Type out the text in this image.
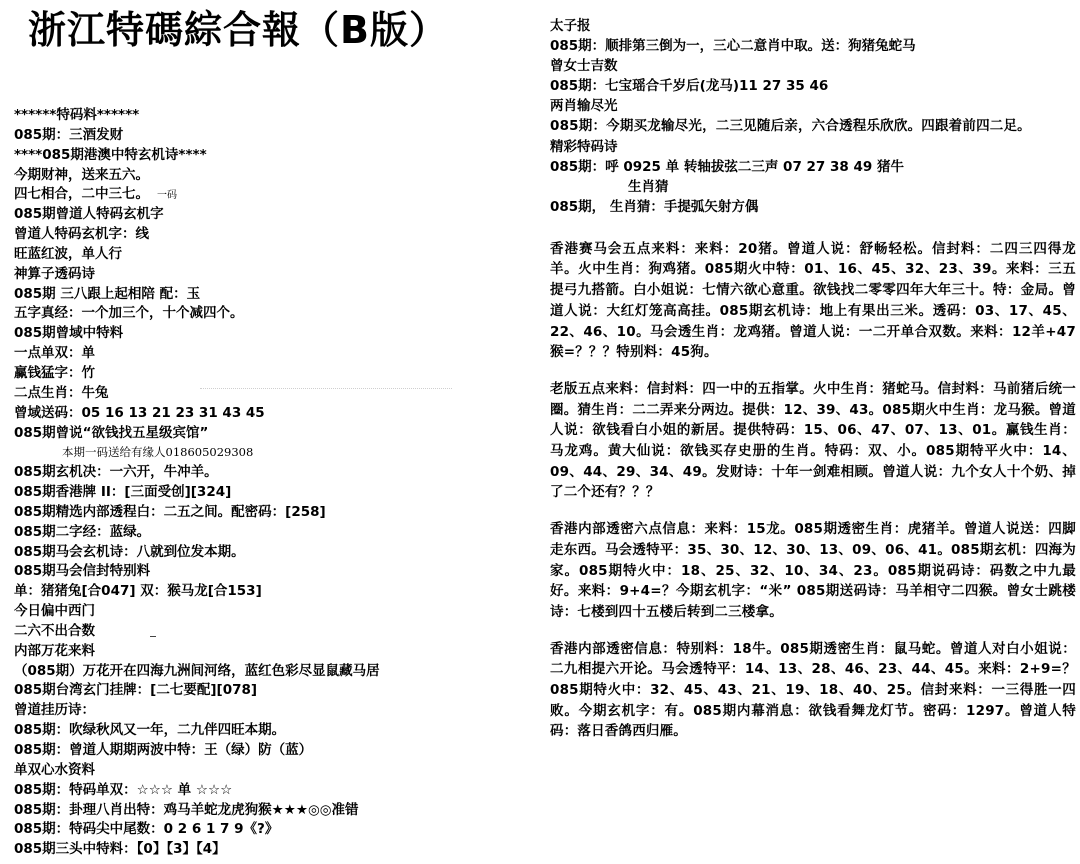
浙江特碼綜合報（B版）
******特码料******
085期：三酒发财
****085期港澳中特玄机诗****
今期财神，送来五六。
四七相合，二中三七。 一码
085期曾道人特码玄机字
曾道人特码玄机字：线
旺蓝红波，单人行
神算子透码诗
085期 三八跟上起相陪 配：玉
五字真经：一个加三个，十个减四个。
085期曾域中特料
一点单双：单
赢钱猛字：竹
二点生肖：牛兔
曾域送码：05 16 13 21 23 31 43 45
085期曾说“欲钱找五星级宾馆”
本期一码送给有缘人018605029308
085期玄机决：一六开，牛冲羊。
085期香港牌 II：[三面受创][324]
085期精选内部透程白：二五之间。配密码：[258]
085期二字经：蓝绿。
085期马会玄机诗：八就到位发本期。
085期马会信封特别料
单：猪猪兔[合047] 双：猴马龙[合153]
今日偏中西门
二六不出合数
内部万花来料
（085期）万花开在四海九洲间河络，蓝红色彩尽显鼠藏马居
085期台湾玄门挂牌：[二七要配][078]
曾道挂历诗：
085期：吹绿秋风又一年，二九伴四旺本期。
085期：曾道人期期两波中特：王（绿）防（蓝）
单双心水资料
085期：特码单双：☆☆☆ 单 ☆☆☆
085期：卦理八肖出特：鸡马羊蛇龙虎狗猴★★★◎◎准错
085期：特码尖中尾数：0 2 6 1 7 9《?》
085期三头中特料：【0】【3】【4】
太子报
085期：顺排第三倒为一，三心二意肖中取。送：狗猪兔蛇马
曾女士吉数
085期：七宝瑶合千岁后(龙马)11 27 35 46
两肖输尽光
085期：今期买龙输尽光，二三见随后亲，六合透程乐欣欣。四跟着前四二足。
精彩特码诗
085期：呼 0925 单 转轴拔弦二三声 07 27 38 49 猪牛
生肖猜
085期， 生肖猜：手提弧矢射方偶
香港赛马会五点来料：来料：20猪。曾道人说：舒畅轻松。信封料：二四三四得龙羊。火中生肖：狗鸡猪。085期火中特：01、16、45、32、23、39。来料：三五提弓九搭箭。白小姐说：七情六欲心意重。欲钱找二零零四年大年三十。特：金局。曾道人说：大红灯笼高高挂。085期玄机诗：地上有果出三米。透码：03、17、45、22、46、10。马会透生肖：龙鸡猪。曾道人说：一二开单合双数。来料：12羊+47猴=？？？特别料：45狗。
老版五点来料：信封料：四一中的五指掌。火中生肖：猪蛇马。信封料：马前猪后统一圈。猜生肖：二二弄来分两边。提供：12、39、43。085期火中生肖：龙马猴。曾道人说：欲钱看白小姐的新居。提供特码：15、06、47、07、13、01。赢钱生肖：马龙鸡。黄大仙说：欲钱买存史册的生肖。特码：双、小。085期特平火中：14、09、44、29、34、49。发财诗：十年一剑难相顾。曾道人说：九个女人十个奶、掉了二个还有？？？
香港内部透密六点信息：来料：15龙。085期透密生肖：虎猪羊。曾道人说送：四脚走东西。马会透特平：35、30、12、30、13、09、06、41。085期玄机：四海为家。085期特火中：18、25、32、10、34、23。085期说码诗：码数之中九最好。来料：9+4=？今期玄机字：“米” 085期送码诗：马羊相守二四猴。曾女士跳楼诗：七楼到四十五楼后转到二三楼拿。
香港内部透密信息：特别料：18牛。085期透密生肖：鼠马蛇。曾道人对白小姐说：二九相提六开论。马会透特平：14、13、28、46、23、44、45。来料：2+9=？085期特火中：32、45、43、21、19、18、40、25。信封来料：一三得胜一四败。今期玄机字：有。085期内幕消息：欲钱看舞龙灯节。密码：1297。曾道人特码：落日香鸽西归雁。
